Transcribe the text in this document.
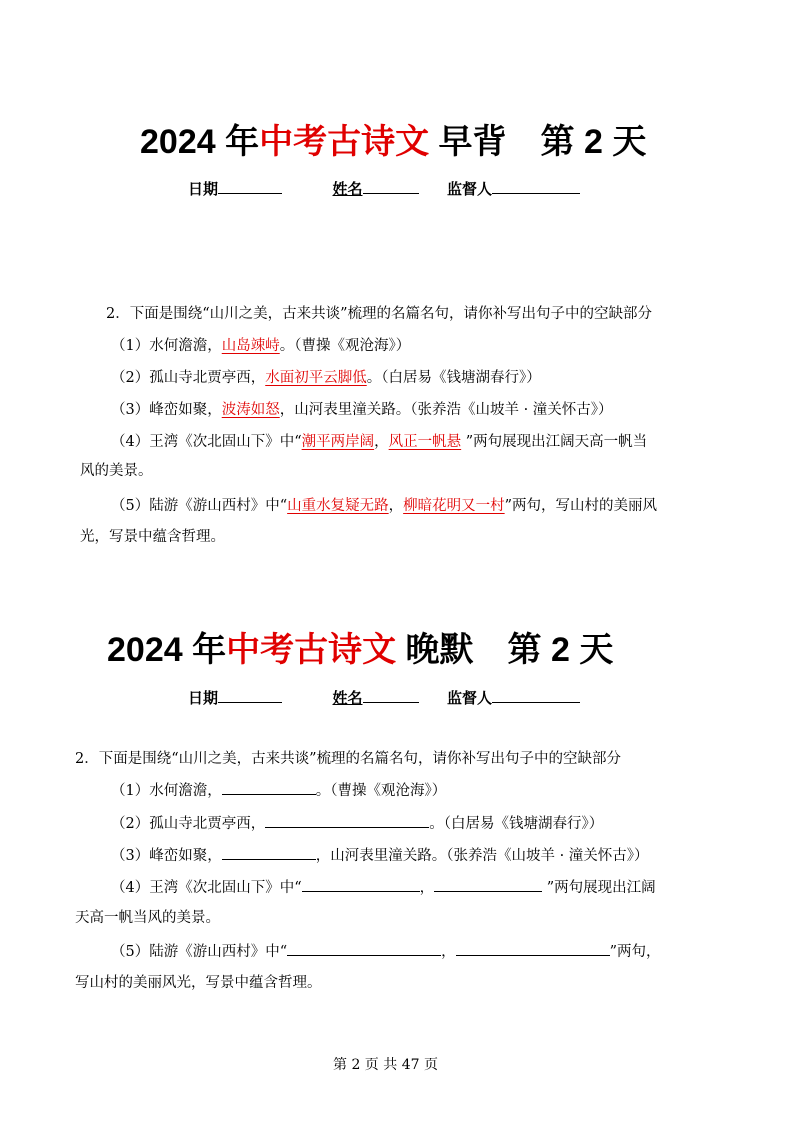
2024 年中考古诗文 早背　第 2 天
日期	姓名	监督人
2．下面是围绕“山川之美，古来共谈”梳理的名篇名句，请你补写出句子中的空缺部分
（1）水何澹澹，山岛竦峙。（曹操《观沧海》）
（2）孤山寺北贾亭西，水面初平云脚低。（白居易《钱塘湖春行》）
（3）峰峦如聚，波涛如怒，山河表里潼关路。（张养浩《山坡羊 · 潼关怀古》）
（4）王湾《次北固山下》中“潮平两岸阔，风正一帆悬 ”两句展现出江阔天高一帆当
风的美景。
（5）陆游《游山西村》中“山重水复疑无路，柳暗花明又一村”两句，写山村的美丽风
光，写景中蕴含哲理。
2024 年中考古诗文 晚默　第 2 天
日期	姓名	监督人
2．下面是围绕“山川之美，古来共谈”梳理的名篇名句，请你补写出句子中的空缺部分
（1）水何澹澹，	。（曹操《观沧海》）
（2）孤山寺北贾亭西，	。（白居易《钱塘湖春行》）
（3）峰峦如聚，	，山河表里潼关路。（张养浩《山坡羊 · 潼关怀古》）
（4）王湾《次北固山下》中“	，	”两句展现出江阔
天高一帆当风的美景。
（5）陆游《游山西村》中“	，	”两句，
写山村的美丽风光，写景中蕴含哲理。
第 2 页 共 47 页
